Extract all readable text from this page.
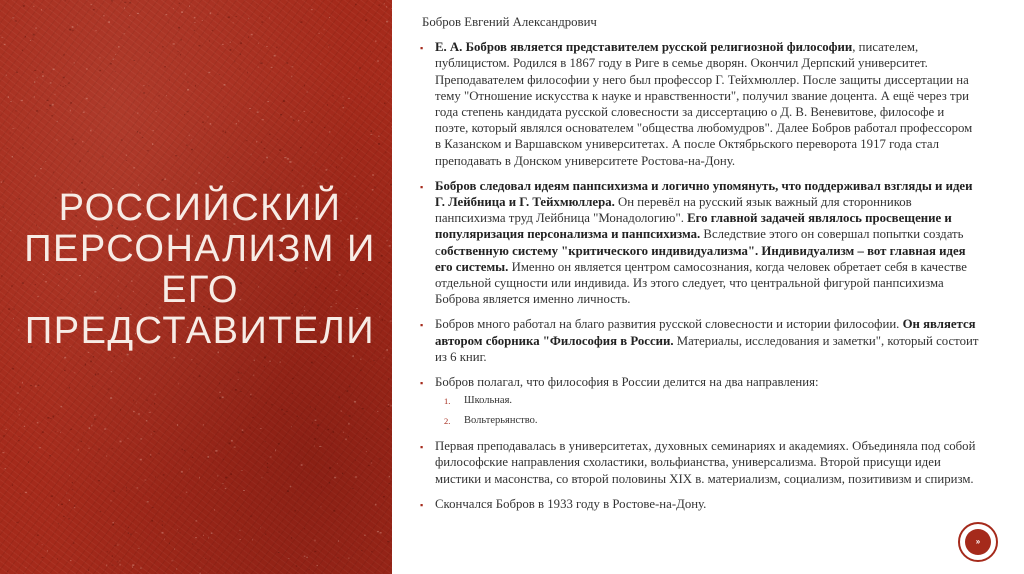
РОССИЙСКИЙ ПЕРСОНАЛИЗМ И ЕГО ПРЕДСТАВИТЕЛИ
Бобров Евгений Александрович
▪ Е. А. Бобров является представителем русской религиозной философии, писателем, публицистом. Родился в 1867 году в Риге в семье дворян. Окончил Дерпский университет. Преподавателем философии у него был профессор Г. Тейхмюллер. После защиты диссертации на тему "Отношение искусства к науке и нравственности", получил звание доцента. А ещё через три года степень кандидата русской словесности за диссертацию о Д. В. Веневитове, философе и поэте, который являлся основателем "общества любомудров". Далее Бобров работал профессором в Казанском и Варшавском университетах. А после Октябрьского переворота 1917 года стал преподавать в Донском университете Ростова-на-Дону.
▪ Бобров следовал идеям панпсихизма и логично упомянуть, что поддерживал взгляды и идеи Г. Лейбница и Г. Тейхмюллера. Он перевёл на русский язык важный для сторонников панпсихизма труд Лейбница "Монадологию". Его главной задачей являлось просвещение и популяризация персонализма и панпсихизма. Вследствие этого он совершал попытки создать собственную систему "критического индивидуализма". Индивидуализм – вот главная идея его системы. Именно он является центром самосознания, когда человек обретает себя в качестве отдельной сущности или индивида. Из этого следует, что центральной фигурой панпсихизма Боброва является именно личность.
▪ Бобров много работал на благо развития русской словесности и истории философии. Он является автором сборника "Философия в России. Материалы, исследования и заметки", который состоит из 6 книг.
▪ Бобров полагал, что философия в России делится на два направления:
1. Школьная.
2. Вольтерьянство.
▪ Первая преподавалась в университетах, духовных семинариях и академиях. Объединяла под собой философские направления схоластики, вольфианства, универсализма. Второй присущи идеи мистики и масонства, со второй половины XIX в. материализм, социализм, позитивизм и спиризм.
▪ Скончался Бобров в 1933 году в Ростове-на-Дону.
»
